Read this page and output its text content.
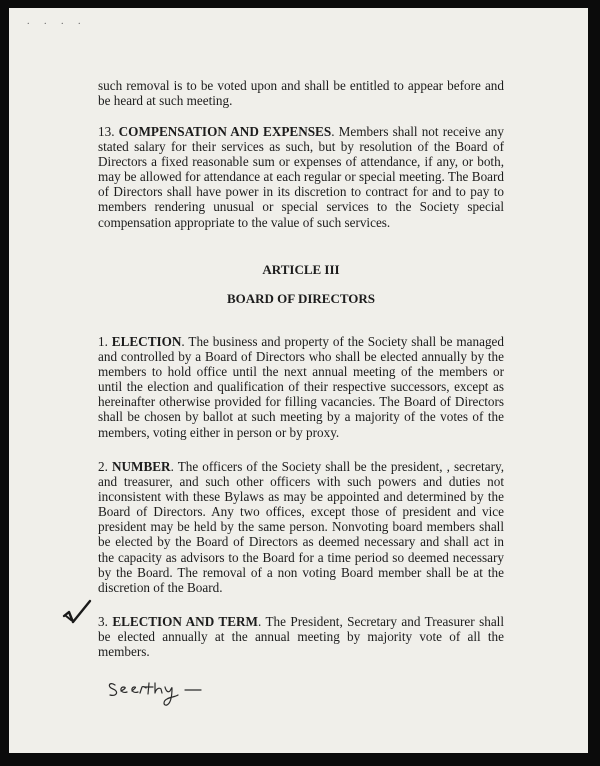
. . . .

such removal is to be voted upon and shall be entitled to appear before and be heard at such meeting.

13. COMPENSATION AND EXPENSES. Members shall not receive any stated salary for their services as such, but by resolution of the Board of Directors a fixed reasonable sum or expenses of attendance, if any, or both, may be allowed for attendance at each regular or special meeting. The Board of Directors shall have power in its discretion to contract for and to pay to members rendering unusual or special services to the Society special compensation appropriate to the value of such services.

ARTICLE III
BOARD OF DIRECTORS

1. ELECTION. The business and property of the Society shall be managed and controlled by a Board of Directors who shall be elected annually by the members to hold office until the next annual meeting of the members or until the election and qualification of their respective successors, except as hereinafter otherwise provided for filling vacancies. The Board of Directors shall be chosen by ballot at such meeting by a majority of the votes of the members, voting either in person or by proxy.

2. NUMBER. The officers of the Society shall be the president, , secretary, and treasurer, and such other officers with such powers and duties not inconsistent with these Bylaws as may be appointed and determined by the Board of Directors. Any two offices, except those of president and vice president may be held by the same person. Nonvoting board members shall be elected by the Board of Directors as deemed necessary and shall act in the capacity as advisors to the Board for a time period so deemed necessary by the Board. The removal of a non voting Board member shall be at the discretion of the Board.

3. ELECTION AND TERM. The President, Secretary and Treasurer shall be elected annually at the annual meeting by majority vote of all the members.
